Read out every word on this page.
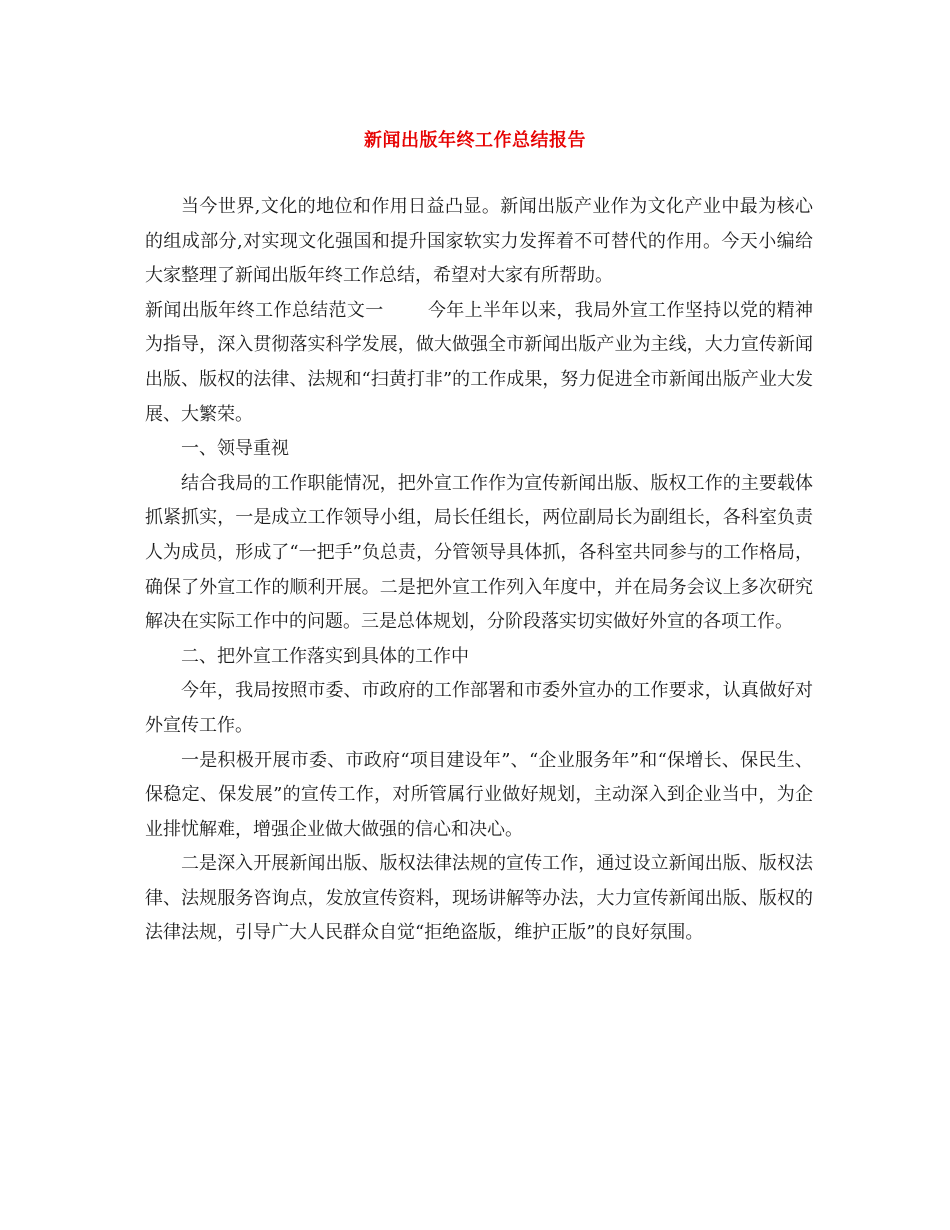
新闻出版年终工作总结报告

当今世界,文化的地位和作用日益凸显。新闻出版产业作为文化产业中最为核心的组成部分,对实现文化强国和提升国家软实力发挥着不可替代的作用。今天小编给大家整理了新闻出版年终工作总结，希望对大家有所帮助。

新闻出版年终工作总结范文一 今年上半年以来，我局外宣工作坚持以党的精神为指导，深入贯彻落实科学发展，做大做强全市新闻出版产业为主线，大力宣传新闻出版、版权的法律、法规和“扫黄打非”的工作成果，努力促进全市新闻出版产业大发展、大繁荣。

一、领导重视

结合我局的工作职能情况，把外宣工作作为宣传新闻出版、版权工作的主要载体抓紧抓实，一是成立工作领导小组，局长任组长，两位副局长为副组长，各科室负责人为成员，形成了“一把手”负总责，分管领导具体抓，各科室共同参与的工作格局，确保了外宣工作的顺利开展。二是把外宣工作列入年度中，并在局务会议上多次研究解决在实际工作中的问题。三是总体规划，分阶段落实切实做好外宣的各项工作。

二、把外宣工作落实到具体的工作中

今年，我局按照市委、市政府的工作部署和市委外宣办的工作要求，认真做好对外宣传工作。

一是积极开展市委、市政府“项目建设年”、“企业服务年”和“保增长、保民生、保稳定、保发展”的宣传工作，对所管属行业做好规划，主动深入到企业当中，为企业排忧解难，增强企业做大做强的信心和决心。

二是深入开展新闻出版、版权法律法规的宣传工作，通过设立新闻出版、版权法律、法规服务咨询点，发放宣传资料，现场讲解等办法，大力宣传新闻出版、版权的法律法规，引导广大人民群众自觉“拒绝盗版，维护正版”的良好氛围。
